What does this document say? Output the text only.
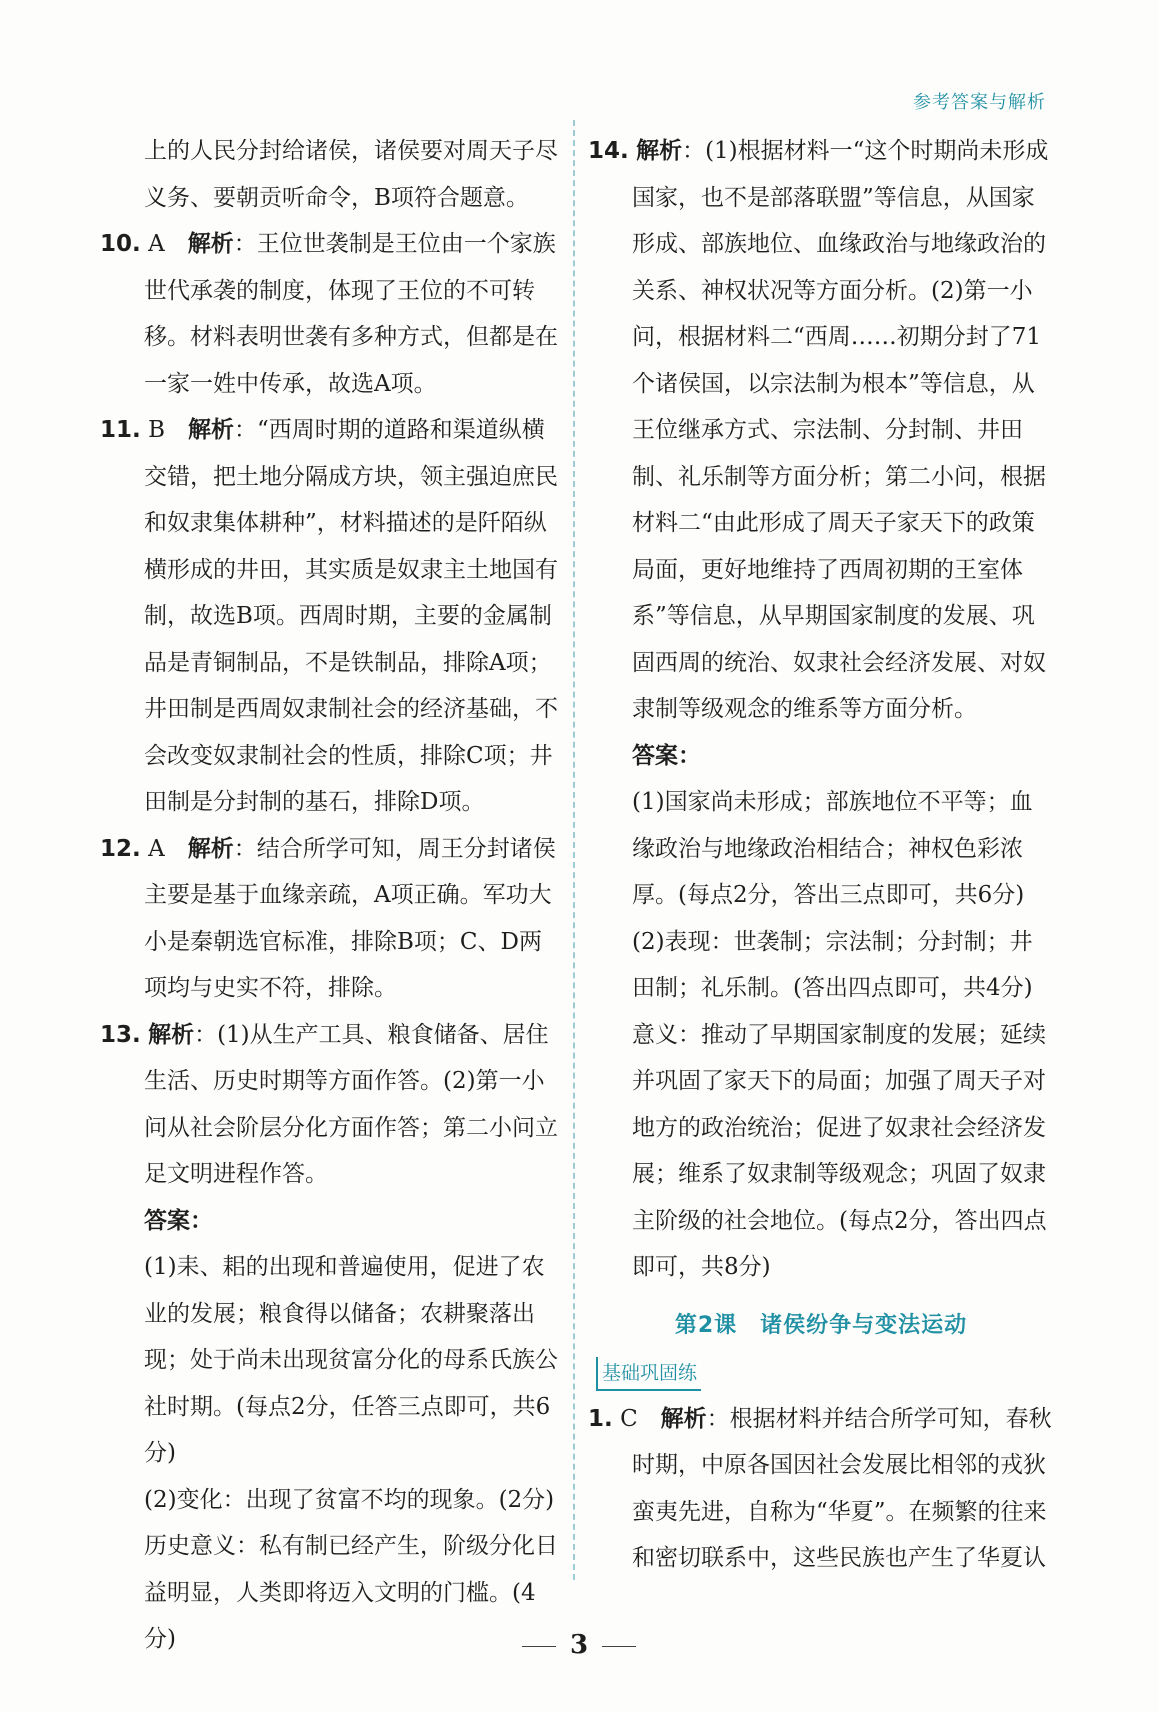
参考答案与解析

上的人民分封给诸侯，诸侯要对周天子尽义务、要朝贡听命令，B项符合题意。

10. A　 解析：王位世袭制是王位由一个家族世代承袭的制度，体现了王位的不可转移。材料表明世袭有多种方式，但都是在一家一姓中传承，故选A项。

11. B　 解析：“西周时期的道路和渠道纵横交错，把土地分隔成方块，领主强迫庶民和奴隶集体耕种”，材料描述的是阡陌纵横形成的井田，其实质是奴隶主土地国有制，故选B项。西周时期，主要的金属制品是青铜制品，不是铁制品，排除A项；井田制是西周奴隶制社会的经济基础，不会改变奴隶制社会的性质，排除C项；井田制是分封制的基石，排除D项。

12. A　 解析：结合所学可知，周王分封诸侯主要是基于血缘亲疏，A项正确。军功大小是秦朝选官标准，排除B项；C、D两项均与史实不符，排除。

13. 解析：(1)从生产工具、粮食储备、居住生活、历史时期等方面作答。(2)第一小问从社会阶层分化方面作答；第二小问立足文明进程作答。

答案：

(1)耒、耜的出现和普遍使用，促进了农业的发展；粮食得以储备；农耕聚落出现；处于尚未出现贫富分化的母系氏族公社时期。(每点2分，任答三点即可，共6分)

(2)变化：出现了贫富不均的现象。(2分)历史意义：私有制已经产生，阶级分化日益明显，人类即将迈入文明的门槛。(4分)

14. 解析：(1)根据材料一“这个时期尚未形成国家，也不是部落联盟”等信息，从国家形成、部族地位、血缘政治与地缘政治的关系、神权状况等方面分析。(2)第一小问，根据材料二“西周……初期分封了71个诸侯国，以宗法制为根本”等信息，从王位继承方式、宗法制、分封制、井田制、礼乐制等方面分析；第二小问，根据材料二“由此形成了周天子家天下的政策局面，更好地维持了西周初期的王室体系”等信息，从早期国家制度的发展、巩固西周的统治、奴隶社会经济发展、对奴隶制等级观念的维系等方面分析。

答案：

(1)国家尚未形成；部族地位不平等；血缘政治与地缘政治相结合；神权色彩浓厚。(每点2分，答出三点即可，共6分)

(2)表现：世袭制；宗法制；分封制；井田制；礼乐制。(答出四点即可，共4分)

意义：推动了早期国家制度的发展；延续并巩固了家天下的局面；加强了周天子对地方的政治统治；促进了奴隶社会经济发展；维系了奴隶制等级观念；巩固了奴隶主阶级的社会地位。(每点2分，答出四点即可，共8分)

第2课　诸侯纷争与变法运动

基础巩固练

1. C　 解析：根据材料并结合所学可知，春秋时期，中原各国因社会发展比相邻的戎狄蛮夷先进，自称为“华夏”。在频繁的往来和密切联系中，这些民族也产生了华夏认

3
